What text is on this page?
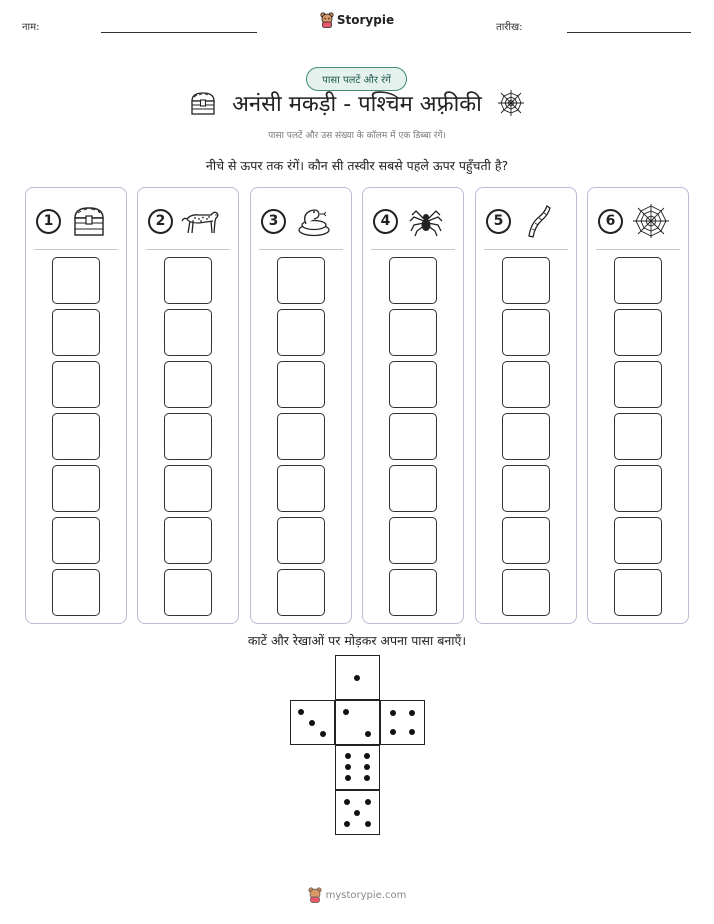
नाम:
Storypie
तारीख:
पासा पलटें और रंगें
अनंसी मकड़ी - पश्चिम अफ़्रीकी
पासा पलटें और उस संख्या के कॉलम में एक डिब्बा रंगें।
नीचे से ऊपर तक रंगें। कौन सी तस्वीर सबसे पहले ऊपर पहुँचती है?
1	2	3	4	5	6
काटें और रेखाओं पर मोड़कर अपना पासा बनाएँ।
mystorypie.com
